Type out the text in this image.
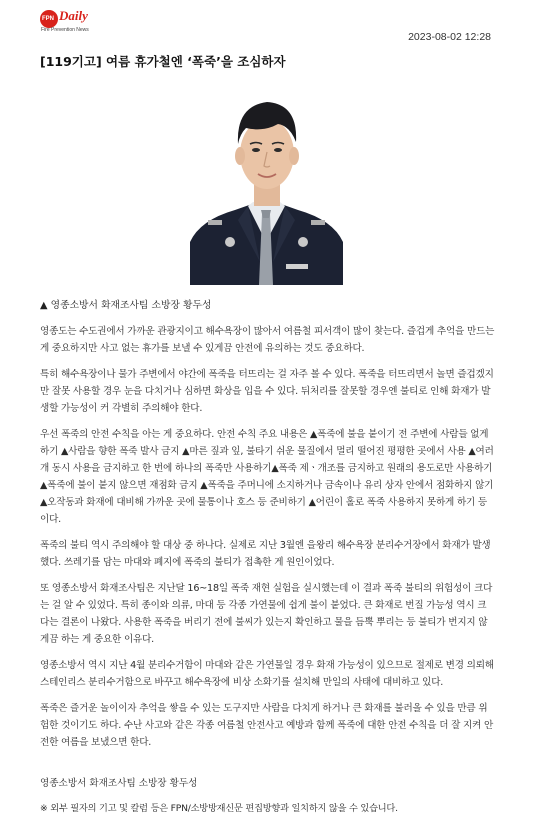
FPN Daily
Fire Prevention News
2023-08-02 12:28
[119기고] 여름 휴가철엔 ‘폭죽’을 조심하자
▲ 영종소방서 화재조사팀 소방장 황두성

영종도는 수도권에서 가까운 관광지이고 해수욕장이 많아서 여름철 피서객이 많이 찾는다. 즐겁게 추억을 만드는 게 중요하지만 사고 없는 휴가를 보낼 수 있게끔 안전에 유의하는 것도 중요하다.

특히 해수욕장이나 물가 주변에서 야간에 폭죽을 터뜨리는 걸 자주 볼 수 있다. 폭죽을 터뜨리면서 놀면 즐겁겠지만 잘못 사용할 경우 눈을 다치거나 심하면 화상을 입을 수 있다. 뒤처리를 잘못할 경우엔 불티로 인해 화재가 발생할 가능성이 커 각별히 주의해야 한다.

우선 폭죽의 안전 수칙을 아는 게 중요하다. 안전 수칙 주요 내용은 ▲폭죽에 불을 붙이기 전 주변에 사람들 없게 하기 ▲사람을 향한 폭죽 발사 금지 ▲마른 짚과 잎, 불타기 쉬운 물질에서 멀리 떨어진 평평한 곳에서 사용 ▲여러 개 동시 사용을 금지하고 한 번에 하나의 폭죽만 사용하기▲폭죽 제ㆍ개조를 금지하고 원래의 용도로만 사용하기 ▲폭죽에 불이 붙지 않으면 재점화 금지 ▲폭죽을 주머니에 소지하거나 금속이나 유리 상자 안에서 점화하지 않기 ▲오작동과 화재에 대비해 가까운 곳에 물통이나 호스 등 준비하기 ▲어린이 홀로 폭죽 사용하지 못하게 하기 등이다.

폭죽의 불티 역시 주의해야 할 대상 중 하나다. 실제로 지난 3월엔 을왕리 해수욕장 분리수거장에서 화재가 발생했다. 쓰레기를 담는 마대와 폐지에 폭죽의 불티가 접촉한 게 원인이었다.

또 영종소방서 화재조사팀은 지난달 16~18일 폭죽 재현 실험을 실시했는데 이 결과 폭죽 불티의 위험성이 크다는 걸 알 수 있었다. 특히 종이와 의류, 마대 등 각종 가연물에 쉽게 불이 붙었다. 큰 화재로 번질 가능성 역시 크다는 결론이 나왔다. 사용한 폭죽을 버리기 전에 불씨가 있는지 확인하고 물을 듬뿍 뿌리는 등 불티가 번지지 않게끔 하는 게 중요한 이유다.

영종소방서 역시 지난 4월 분리수거함이 마대와 같은 가연물일 경우 화재 가능성이 있으므로 절제로 변경 의뢰해 스테인리스 분리수거함으로 바꾸고 해수욕장에 비상 소화기를 설치해 만일의 사태에 대비하고 있다.

폭죽은 즐거운 놀이이자 추억을 쌓을 수 있는 도구지만 사람을 다치게 하거나 큰 화재를 불러올 수 있을 만큼 위험한 것이기도 하다. 수난 사고와 같은 각종 여름철 안전사고 예방과 함께 폭죽에 대한 안전 수칙을 더 잘 지켜 안전한 여름을 보냈으면 한다.

영종소방서 화재조사팀 소방장 황두성
※ 외부 필자의 기고 및 칼럼 등은 FPN/소방방재신문 편집방향과 일치하지 않을 수 있습니다.
